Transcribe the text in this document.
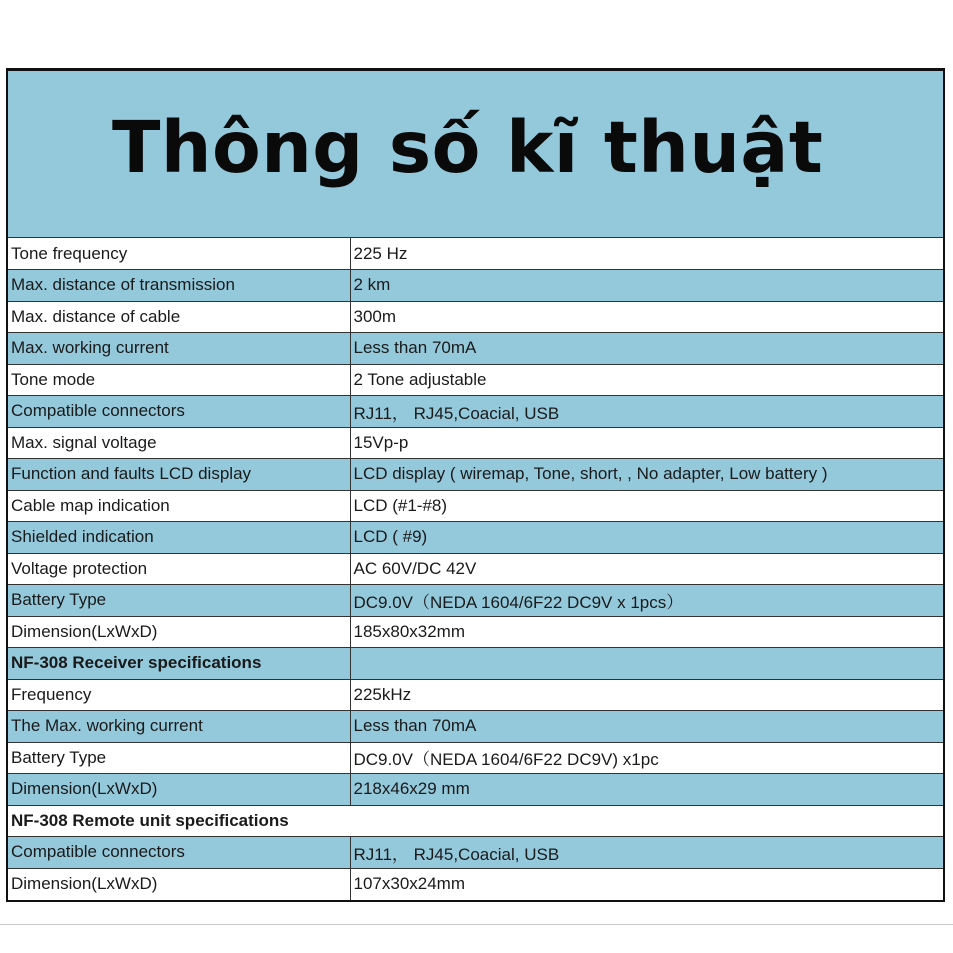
Thông số kĩ thuật
Tone frequency	225 Hz
Max. distance of transmission	2 km
Max. distance of cable	300m
Max. working current	Less than 70mA
Tone mode	2 Tone adjustable
Compatible connectors	RJ11， RJ45,Coacial, USB
Max. signal voltage	15Vp-p
Function and faults LCD display	LCD display ( wiremap, Tone, short, , No adapter, Low battery )
Cable map indication	LCD (#1-#8)
Shielded indication	LCD ( #9)
Voltage protection	AC 60V/DC 42V
Battery Type	DC9.0V（NEDA 1604/6F22 DC9V x 1pcs）
Dimension(LxWxD)	185x80x32mm
NF-308 Receiver specifications	
Frequency	225kHz
The Max. working current	Less than 70mA
Battery Type	DC9.0V（NEDA 1604/6F22 DC9V) x1pc
Dimension(LxWxD)	218x46x29 mm
NF-308 Remote unit specifications	
Compatible connectors	RJ11， RJ45,Coacial, USB
Dimension(LxWxD)	107x30x24mm
